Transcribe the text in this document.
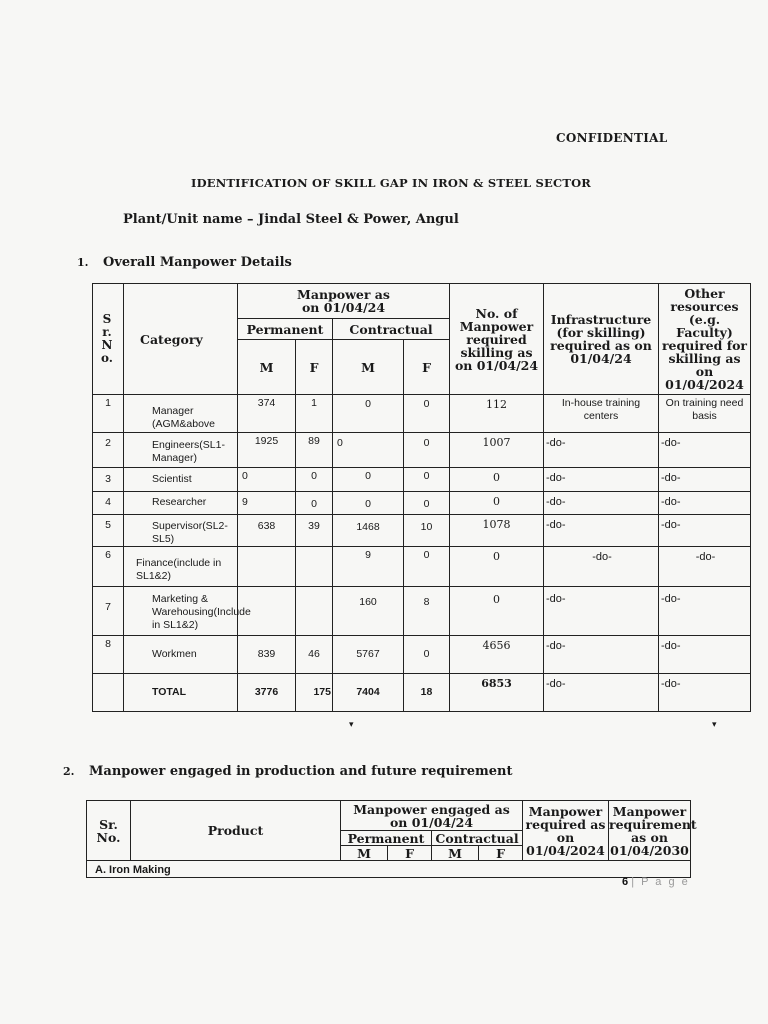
CONFIDENTIAL
IDENTIFICATION OF SKILL GAP IN IRON & STEEL SECTOR
Plant/Unit name – Jindal Steel & Power, Angul
1. Overall Manpower Details
Sr. N o.	Category	Manpower as on 01/04/24				No. of Manpower required skilling as on 01/04/24	Infrastructure (for skilling) required as on 01/04/24	Other resources (e.g. Faculty) required for skilling as on 01/04/2024

		Permanent		Contractual				
		M	F	M	F			
1	Manager (AGM&above	374	1	0	0	112	In-house training centers	On training need basis
2	Engineers(SL1-Manager)	1925	89	0	0	1007	-do-	-do-
3	Scientist	0	0	0	0	0	-do-	-do-
4	Researcher	9	0	0	0	0	-do-	-do-
5	Supervisor(SL2-SL5)	638	39	1468	10	1078	-do-	-do-
6	Finance(include in SL1&2)			9	0	0	-do-	-do-
7	Marketing & Warehousing(Include in SL1&2)			160	8	0	-do-	-do-
8	Workmen	839	46	5767	0	4656	-do-	-do-
	TOTAL	3776	175	7404	18	6853	-do-	-do-
▾	▾
2. Manpower engaged in production and future requirement
Sr. No.	Product	Manpower engaged as on 01/04/24				Manpower required as on 01/04/2024	Manpower requirement as on 01/04/2030
		Permanent		Contractual			
		M	F	M	F		
A. Iron Making							
6 | P a g e
